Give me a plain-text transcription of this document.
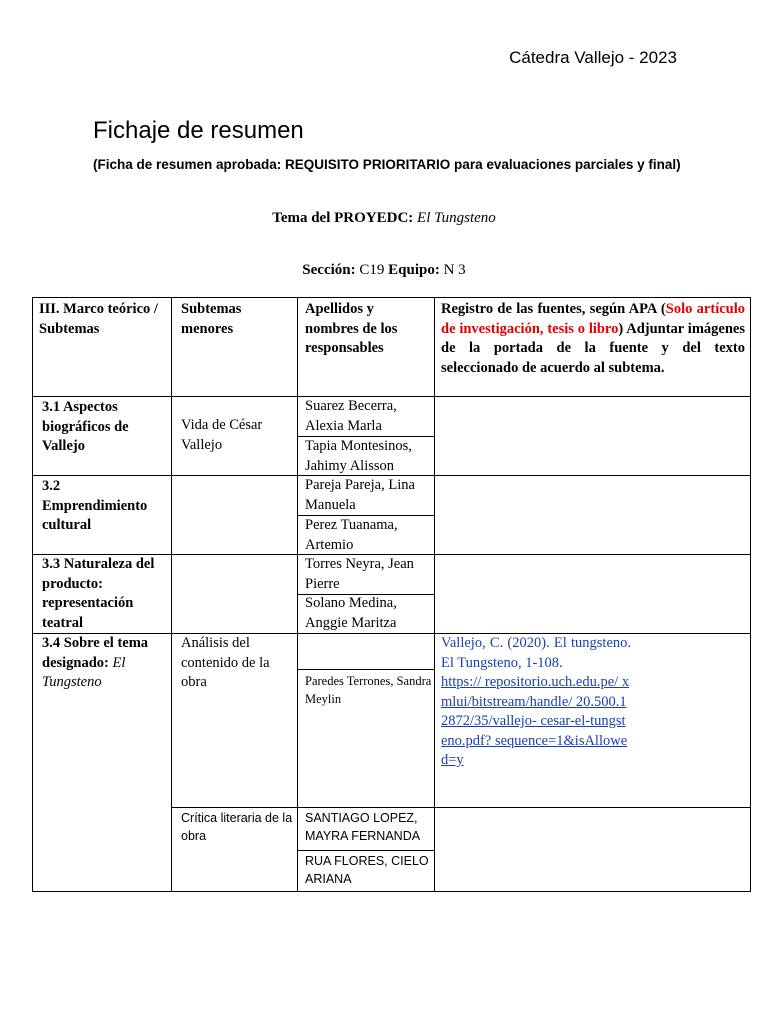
Cátedra Vallejo - 2023
Fichaje de resumen
(Ficha de resumen aprobada: REQUISITO PRIORITARIO para evaluaciones parciales y final)
Tema del PROYEDC: El Tungsteno
Sección: C19 Equipo: N 3
III. Marco teórico / Subtemas
Subtemas menores
Apellidos y nombres de los responsables
Registro de las fuentes, según APA (Solo artículo de investigación, tesis o libro) Adjuntar imágenes de la portada de la fuente y del texto seleccionado de acuerdo al subtema.
3.1 Aspectos biográficos de Vallejo
Vida de César Vallejo
Suarez Becerra, Alexia Marla
Tapia Montesinos, Jahimy Alisson
3.2 Emprendimiento cultural
Pareja Pareja, Lina Manuela
Perez Tuanama, Artemio
3.3 Naturaleza del producto: representación teatral
Torres Neyra, Jean Pierre
Solano Medina, Anggie Maritza
3.4 Sobre el tema designado: El Tungsteno
Análisis del contenido de la obra	Paredes Terrones, Sandra Meylin
Vallejo, C. (2020). El tungsteno. El Tungsteno, 1-108.
https:// repositorio.uch.edu.pe/ xmlui/bitstream/handle/ 20.500.12872/35/vallejo- cesar-el-tungsteno.pdf? sequence=1&isAllowed=y
Crítica literaria de la obra
SANTIAGO LOPEZ, MAYRA FERNANDA
RUA FLORES, CIELO ARIANA
